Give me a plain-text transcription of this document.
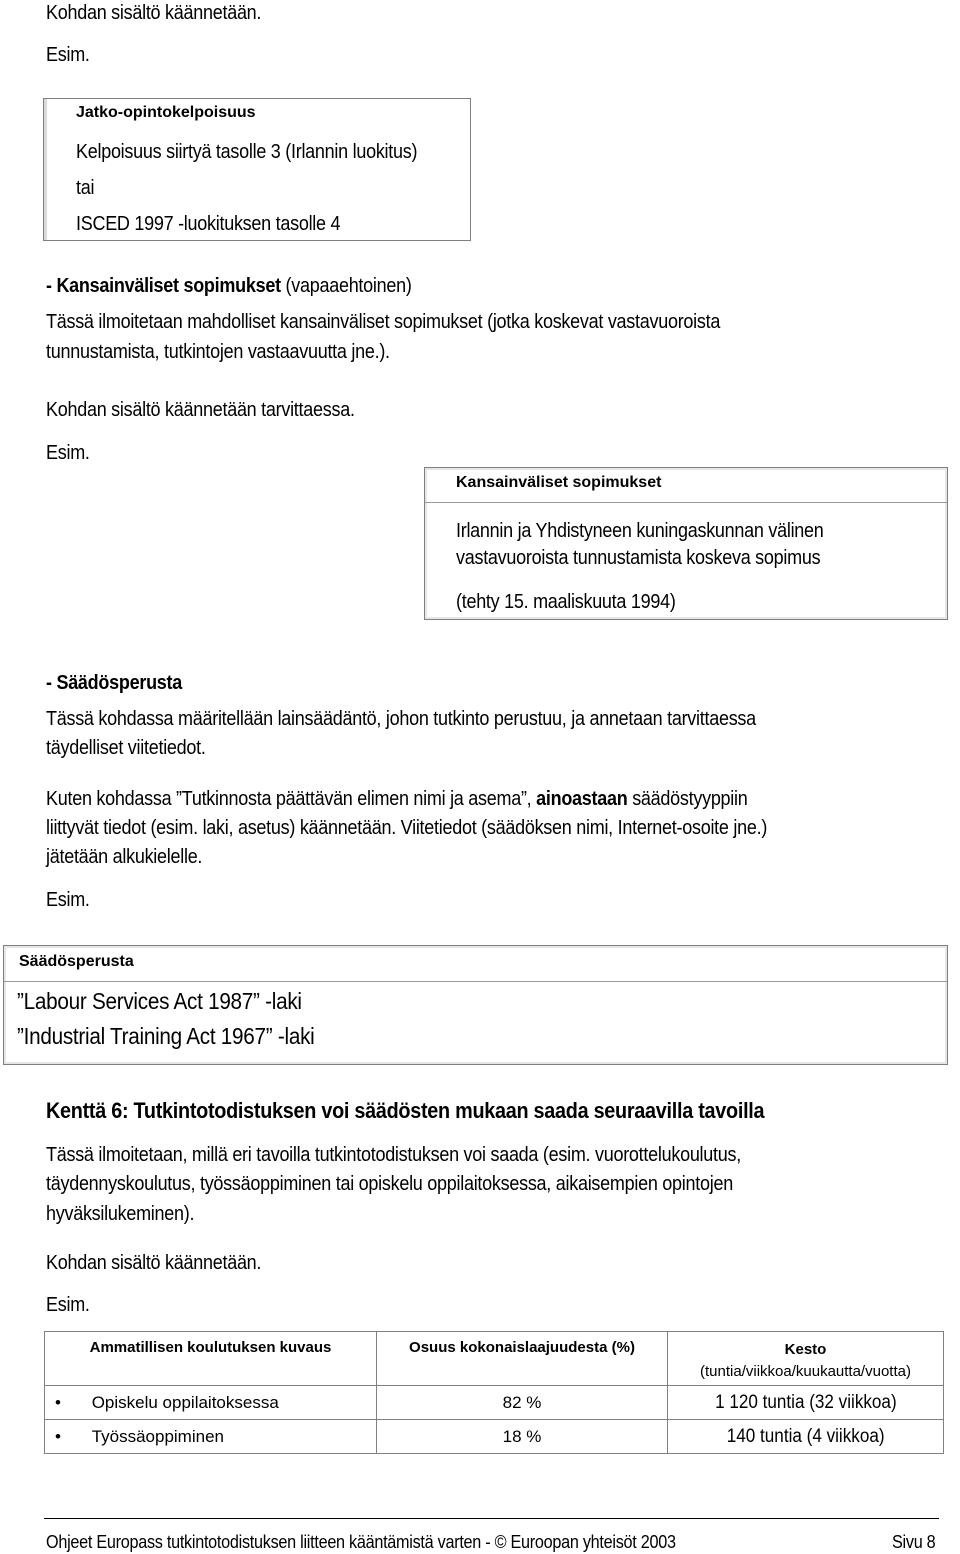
Kohdan sisältö käännetään.
Esim.
Jatko-opintokelpoisuus
Kelpoisuus siirtyä tasolle 3 (Irlannin luokitus)
tai
ISCED 1997 -luokituksen tasolle 4
- Kansainväliset sopimukset (vapaaehtoinen)
Tässä ilmoitetaan mahdolliset kansainväliset sopimukset (jotka koskevat vastavuoroista
tunnustamista, tutkintojen vastaavuutta jne.).
Kohdan sisältö käännetään tarvittaessa.
Esim.
Kansainväliset sopimukset
Irlannin ja Yhdistyneen kuningaskunnan välinen
vastavuoroista tunnustamista koskeva sopimus
(tehty 15. maaliskuuta 1994)
- Säädösperusta
Tässä kohdassa määritellään lainsäädäntö, johon tutkinto perustuu, ja annetaan tarvittaessa
täydelliset viitetiedot.
Kuten kohdassa ”Tutkinnosta päättävän elimen nimi ja asema”, ainoastaan säädöstyyppiin
liittyvät tiedot (esim. laki, asetus) käännetään. Viitetiedot (säädöksen nimi, Internet-osoite jne.)
jätetään alkukielelle.
Esim.
Säädösperusta
”Labour Services Act 1987” -laki
”Industrial Training Act 1967” -laki
Kenttä 6: Tutkintotodistuksen voi säädösten mukaan saada seuraavilla tavoilla
Tässä ilmoitetaan, millä eri tavoilla tutkintotodistuksen voi saada (esim. vuorottelukoulutus,
täydennyskoulutus, työssäoppiminen tai opiskelu oppilaitoksessa, aikaisempien opintojen
hyväksilukeminen).
Kohdan sisältö käännetään.
Esim.
Ammatillisen koulutuksen kuvaus	Osuus kokonaislaajuudesta (%)	Kesto
(tuntia/viikkoa/kuukautta/vuotta)

• Opiskelu oppilaitoksessa	82 %	1 120 tuntia (32 viikkoa)
• Työssäoppiminen	18 %	140 tuntia (4 viikkoa)
Ohjeet Europass tutkintotodistuksen liitteen kääntämistä varten - © Euroopan yhteisöt 2003	Sivu 8
